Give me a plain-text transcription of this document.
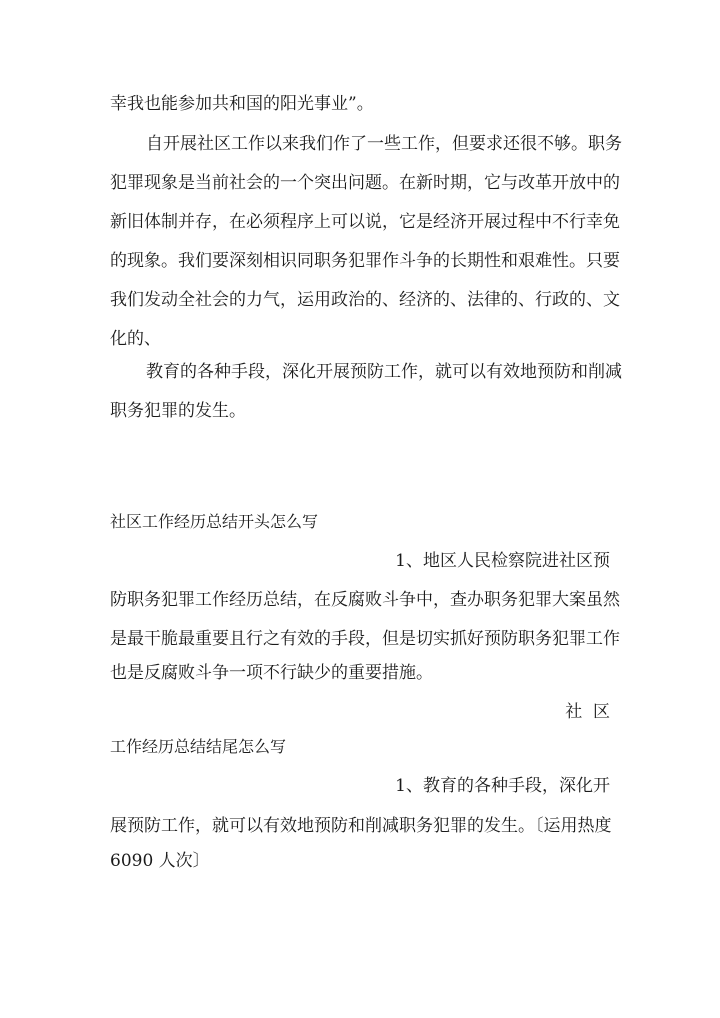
幸我也能参加共和国的阳光事业”。
自开展社区工作以来我们作了一些工作，但要求还很不够。职务
犯罪现象是当前社会的一个突出问题。在新时期，它与改革开放中的
新旧体制并存，在必须程序上可以说，它是经济开展过程中不行幸免
的现象。我们要深刻相识同职务犯罪作斗争的长期性和艰难性。只要
我们发动全社会的力气，运用政治的、经济的、法律的、行政的、文
化的、
教育的各种手段，深化开展预防工作，就可以有效地预防和削减
职务犯罪的发生。
社区工作经历总结开头怎么写
1、地区人民检察院进社区预
防职务犯罪工作经历总结，在反腐败斗争中，查办职务犯罪大案虽然
是最干脆最重要且行之有效的手段，但是切实抓好预防职务犯罪工作
也是反腐败斗争一项不行缺少的重要措施。
社  区
工作经历总结结尾怎么写
1、教育的各种手段，深化开
展预防工作，就可以有效地预防和削减职务犯罪的发生。〔运用热度
6090 人次〕
